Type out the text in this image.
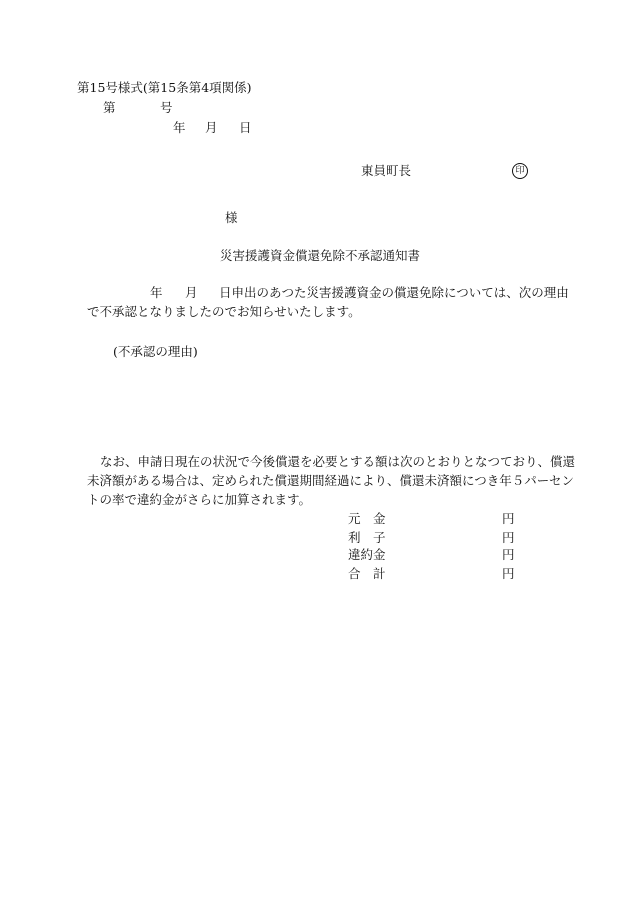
第15号様式(第15条第4項関係)
第	号
年 月 日
東員町長	印
様
災害援護資金償還免除不承認通知書
年 月 日申出のあつた災害援護資金の償還免除については、次の理由
で不承認となりましたのでお知らせいたします。
(不承認の理由)
なお、申請日現在の状況で今後償還を必要とする額は次のとおりとなつており、償還
未済額がある場合は、定められた償還期間経過により、償還未済額につき年５パーセン
トの率で違約金がさらに加算されます。
元　金	円
利　子	円
違約金	円
合　計	円
